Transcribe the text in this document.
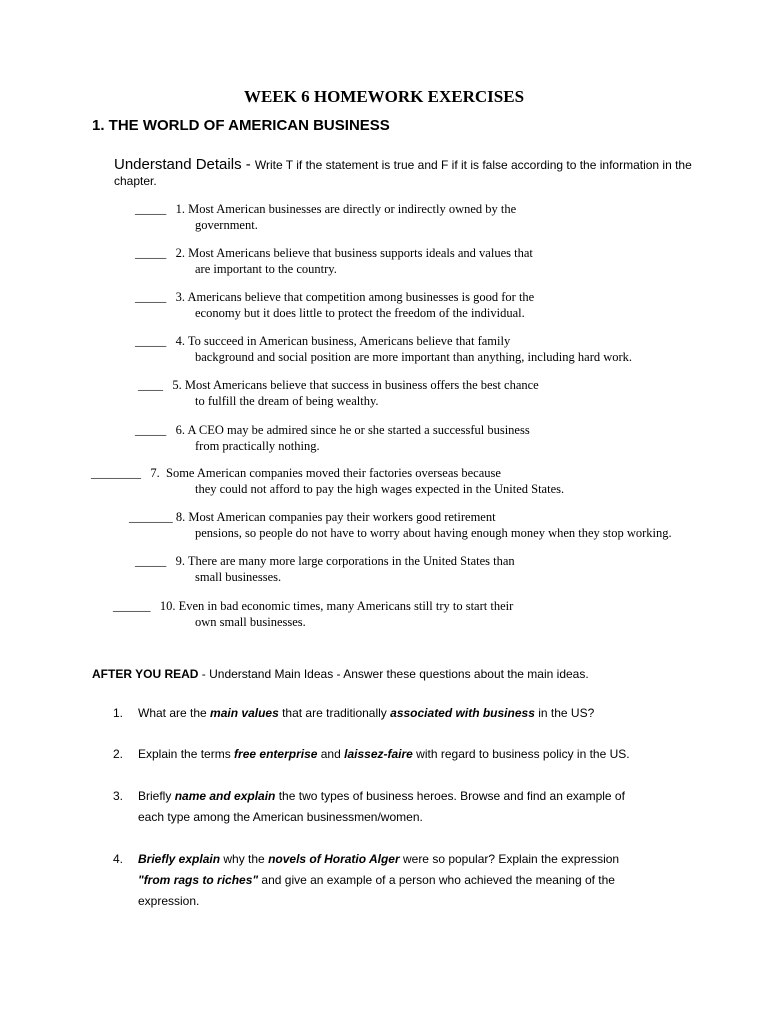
WEEK 6 HOMEWORK EXERCISES
1. THE WORLD OF AMERICAN BUSINESS
Understand Details - Write T if the statement is true and F if it is false according to the information in the
chapter.
_____ 1. Most American businesses are directly or indirectly owned by the
government.
_____ 2. Most Americans believe that business supports ideals and values that
are important to the country.
_____ 3. Americans believe that competition among businesses is good for the
economy but it does little to protect the freedom of the individual.
_____ 4. To succeed in American business, Americans believe that family
background and social position are more important than anything, including hard work.
____ 5. Most Americans believe that success in business offers the best chance
to fulfill the dream of being wealthy.
_____ 6. A CEO may be admired since he or she started a successful business
from practically nothing.
________ 7. Some American companies moved their factories overseas because
they could not afford to pay the high wages expected in the United States.
_______ 8. Most American companies pay their workers good retirement
pensions, so people do not have to worry about having enough money when they stop working.
_____ 9. There are many more large corporations in the United States than
small businesses.
______ 10. Even in bad economic times, many Americans still try to start their
own small businesses.
AFTER YOU READ - Understand Main Ideas - Answer these questions about the main ideas.
1.	What are the main values that are traditionally associated with business in the US?
2.	Explain the terms free enterprise and laissez-faire with regard to business policy in the US.
3.	Briefly name and explain the two types of business heroes. Browse and find an example of
each type among the American businessmen/women.
4.	Briefly explain why the novels of Horatio Alger were so popular? Explain the expression
"from rags to riches" and give an example of a person who achieved the meaning of the
expression.
